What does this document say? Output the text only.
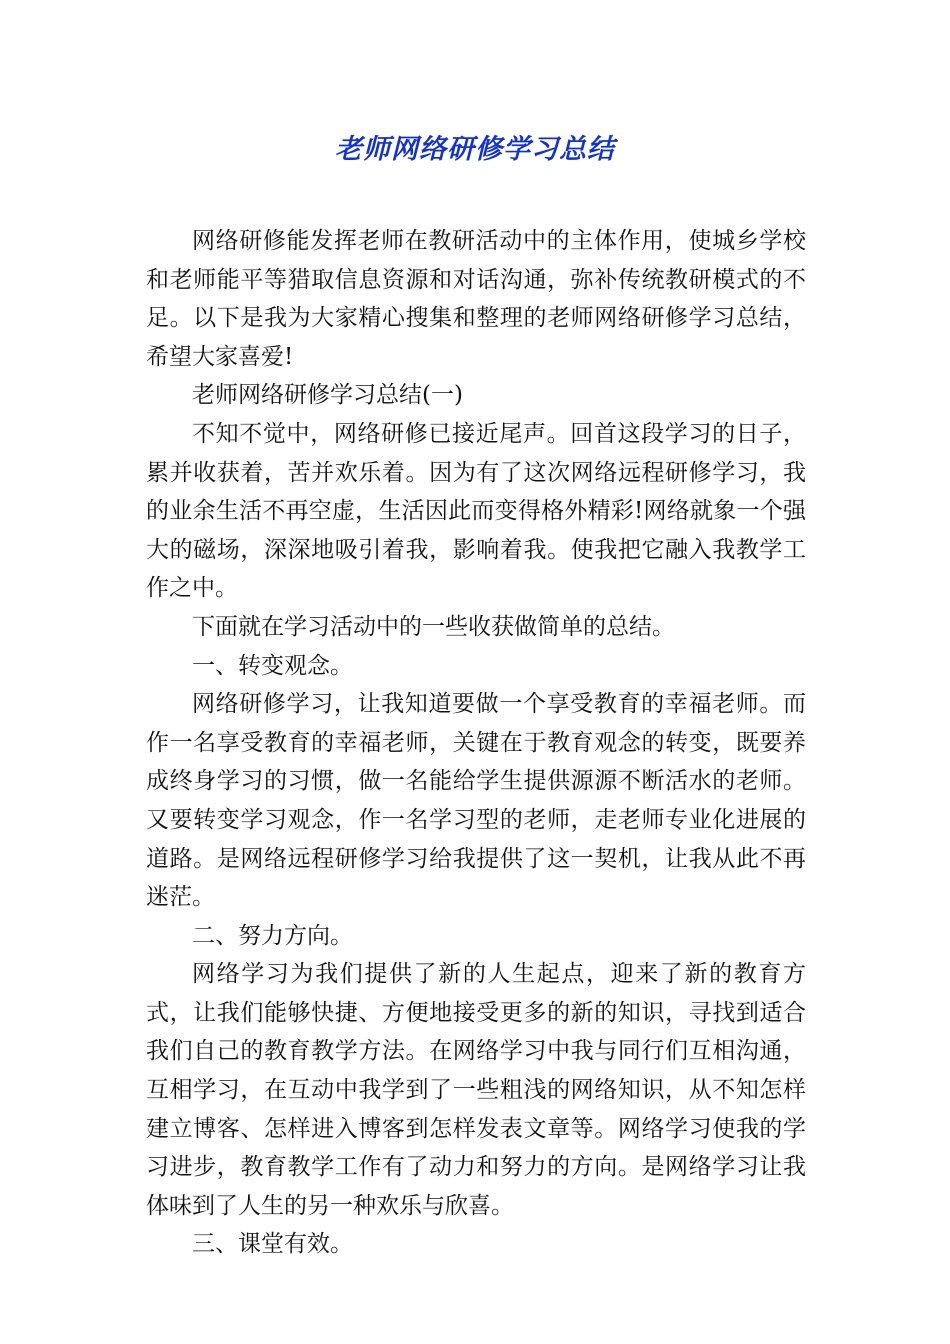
老师网络研修学习总结

网络研修能发挥老师在教研活动中的主体作用，使城乡学校和老师能平等猎取信息资源和对话沟通，弥补传统教研模式的不足。以下是我为大家精心搜集和整理的老师网络研修学习总结，希望大家喜爱!

老师网络研修学习总结(一)

不知不觉中，网络研修已接近尾声。回首这段学习的日子，累并收获着，苦并欢乐着。因为有了这次网络远程研修学习，我的业余生活不再空虚，生活因此而变得格外精彩!网络就象一个强大的磁场，深深地吸引着我，影响着我。使我把它融入我教学工作之中。

下面就在学习活动中的一些收获做简单的总结。

一、转变观念。

网络研修学习，让我知道要做一个享受教育的幸福老师。而作一名享受教育的幸福老师，关键在于教育观念的转变，既要养成终身学习的习惯，做一名能给学生提供源源不断活水的老师。又要转变学习观念，作一名学习型的老师，走老师专业化进展的道路。是网络远程研修学习给我提供了这一契机，让我从此不再迷茫。

二、努力方向。

网络学习为我们提供了新的人生起点，迎来了新的教育方式，让我们能够快捷、方便地接受更多的新的知识，寻找到适合我们自己的教育教学方法。在网络学习中我与同行们互相沟通，互相学习，在互动中我学到了一些粗浅的网络知识，从不知怎样建立博客、怎样进入博客到怎样发表文章等。网络学习使我的学习进步，教育教学工作有了动力和努力的方向。是网络学习让我体味到了人生的另一种欢乐与欣喜。

三、课堂有效。
